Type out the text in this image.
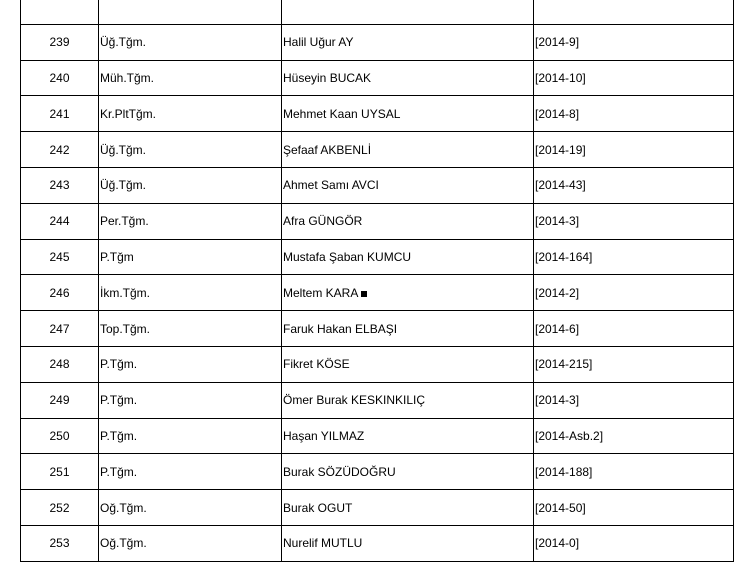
239	Üğ.Tğm.	Halil Uğur AY	[2014-9]
240	Müh.Tğm.	Hüseyin BUCAK	[2014-10]
241	Kr.PltTğm.	Mehmet Kaan UYSAL	[2014-8]
242	Üğ.Tğm.	Şefaaf AKBENLİ	[2014-19]
243	Üğ.Tğm.	Ahmet Samı AVCI	[2014-43]
244	Per.Tğm.	Afra GÜNGÖR	[2014-3]
245	P.Tğm	Mustafa Şaban KUMCU	[2014-164]
246	İkm.Tğm.	Meltem KARA	[2014-2]
247	Top.Tğm.	Faruk Hakan ELBAŞI	[2014-6]
248	P.Tğm.	Fikret KÖSE	[2014-215]
249	P.Tğm.	Ömer Burak KESKINKILIÇ	[2014-3]
250	P.Tğm.	Haşan YILMAZ	[2014-Asb.2]
251	P.Tğm.	Burak SÖZÜDOĞRU	[2014-188]
252	Oğ.Tğm.	Burak OGUT	[2014-50]
253	Oğ.Tğm.	Nurelif MUTLU	[2014-0]
